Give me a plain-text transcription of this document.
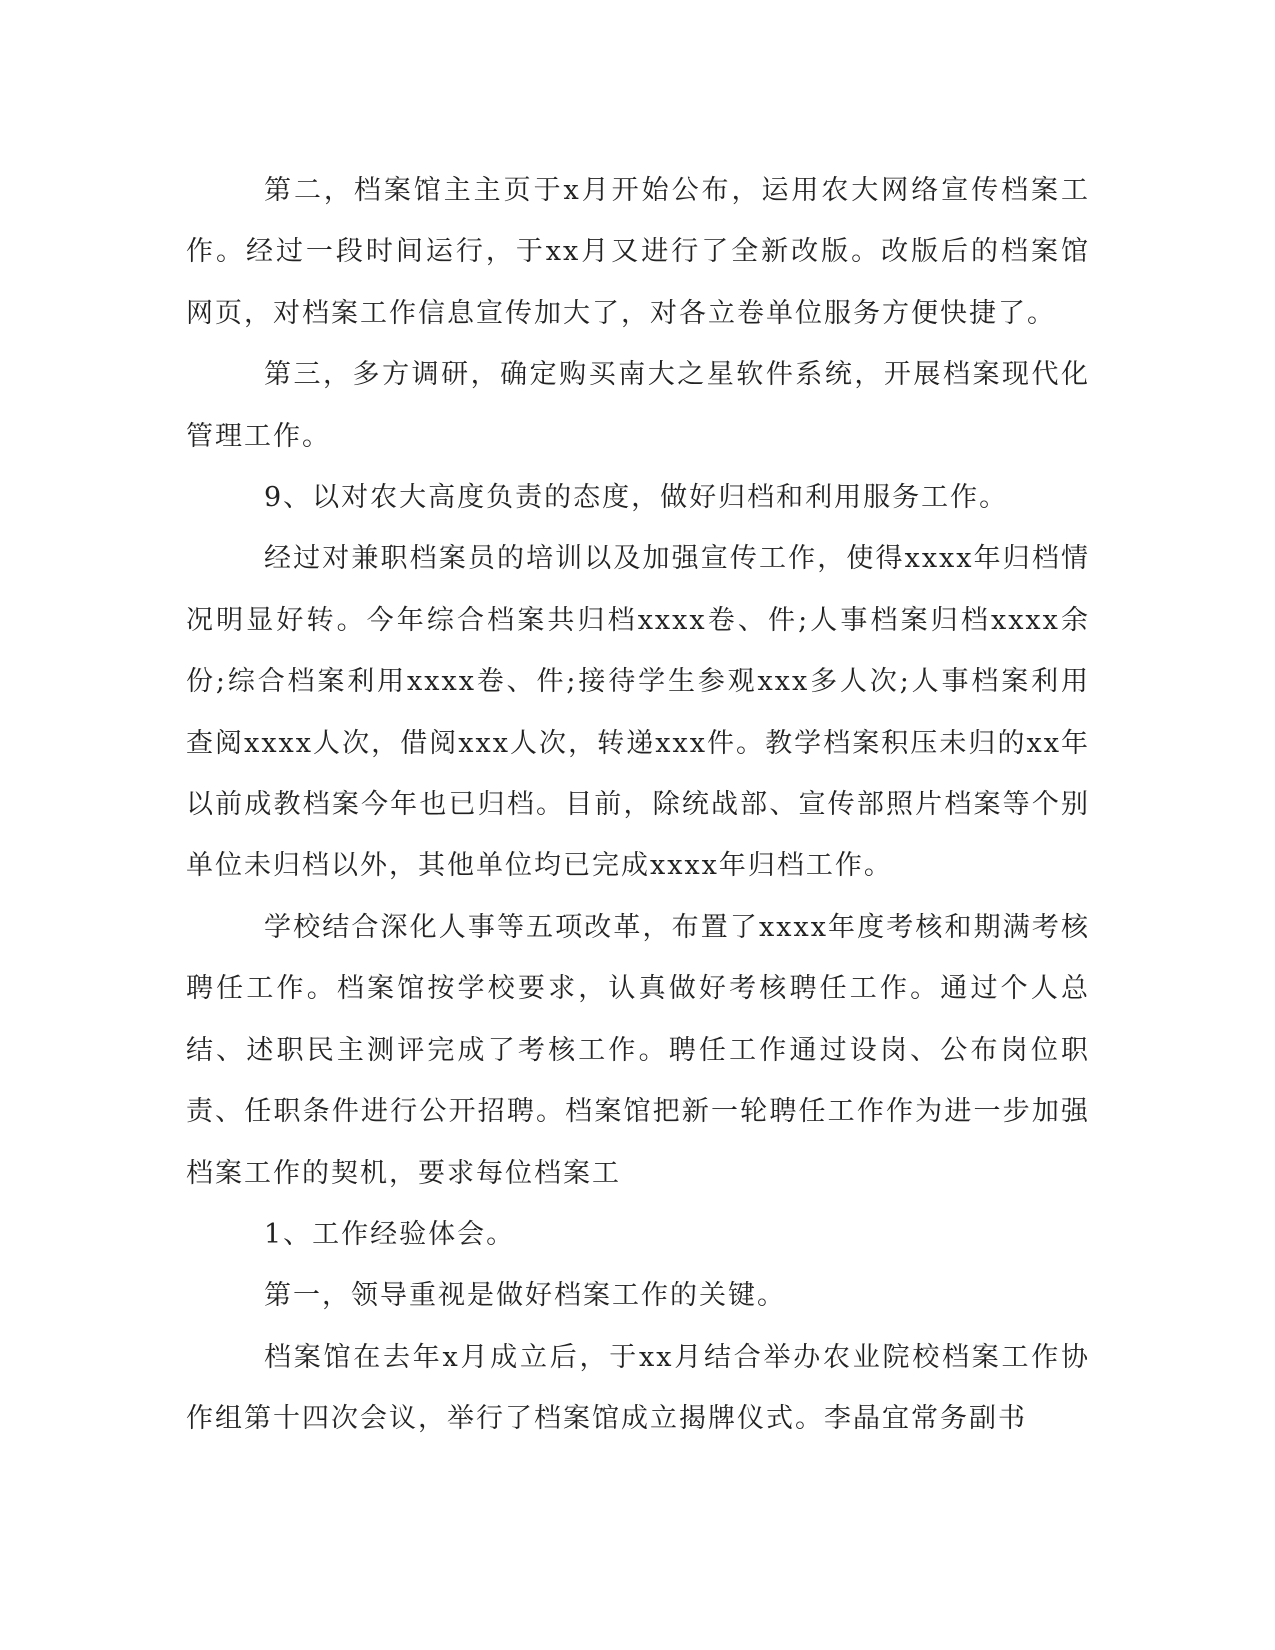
第二，档案馆主主页于x月开始公布，运用农大网络宣传档案工作。经过一段时间运行，于xx月又进行了全新改版。改版后的档案馆网页，对档案工作信息宣传加大了，对各立卷单位服务方便快捷了。

第三，多方调研，确定购买南大之星软件系统，开展档案现代化管理工作。

9、以对农大高度负责的态度，做好归档和利用服务工作。

经过对兼职档案员的培训以及加强宣传工作，使得xxxx年归档情况明显好转。今年综合档案共归档xxxx卷、件;人事档案归档xxxx余份;综合档案利用xxxx卷、件;接待学生参观xxx多人次;人事档案利用查阅xxxx人次，借阅xxx人次，转递xxx件。教学档案积压未归的xx年以前成教档案今年也已归档。目前，除统战部、宣传部照片档案等个别单位未归档以外，其他单位均已完成xxxx年归档工作。

学校结合深化人事等五项改革，布置了xxxx年度考核和期满考核聘任工作。档案馆按学校要求，认真做好考核聘任工作。通过个人总结、述职民主测评完成了考核工作。聘任工作通过设岗、公布岗位职责、任职条件进行公开招聘。档案馆把新一轮聘任工作作为进一步加强档案工作的契机，要求每位档案工

1、工作经验体会。

第一，领导重视是做好档案工作的关键。

档案馆在去年x月成立后，于xx月结合举办农业院校档案工作协作组第十四次会议，举行了档案馆成立揭牌仪式。李晶宜常务副书
